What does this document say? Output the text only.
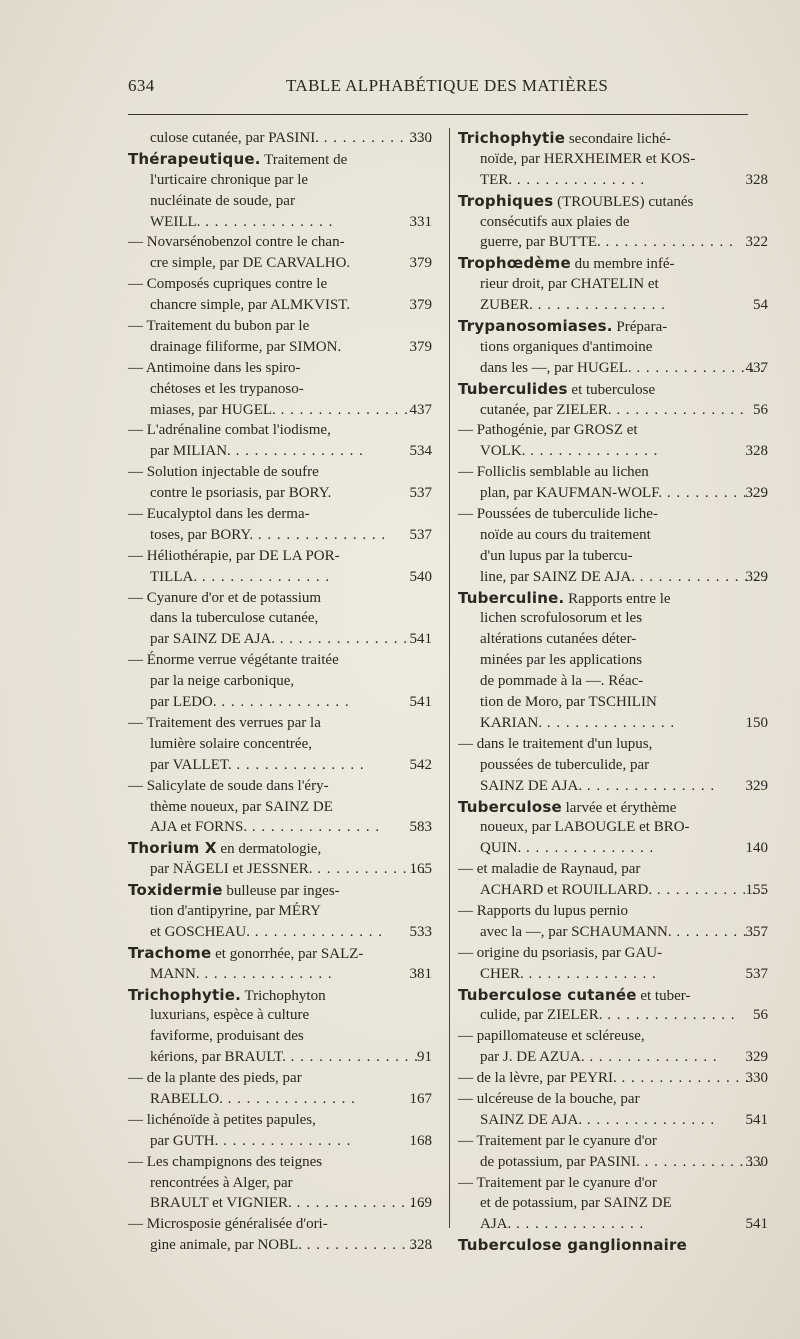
634	TABLE ALPHABÉTIQUE DES MATIÈRES
culose cutanée, par PASINI. . . .	330
Thérapeutique. Traitement de
l'urticaire chronique par le
nucléinate de soude, par
WEILL. . . .	331
— Novarsénobenzol contre le chan-
cre simple, par DE CARVALHO.	379
— Composés cupriques contre le
chancre simple, par ALMKVIST.	379
— Traitement du bubon par le
drainage filiforme, par SIMON.	379
— Antimoine dans les spiro-
chétoses et les trypanoso-
miases, par HUGEL. . . .	437
— L'adrénaline combat l'iodisme,
par MILIAN. . . .	534
— Solution injectable de soufre
contre le psoriasis, par BORY.	537
— Eucalyptol dans les derma-
toses, par BORY. . . .	537
— Héliothérapie, par DE LA POR-
TILLA. . . .	540
— Cyanure d'or et de potassium
dans la tuberculose cutanée,
par SAINZ DE AJA. . . .	541
— Énorme verrue végétante traitée
par la neige carbonique,
par LEDO. . . .	541
— Traitement des verrues par la
lumière solaire concentrée,
par VALLET. . . .	542
— Salicylate de soude dans l'éry-
thème noueux, par SAINZ DE
AJA et FORNS. . . .	583
Thorium X en dermatologie,
par NÄGELI et JESSNER. . . .	165
Toxidermie bulleuse par inges-
tion d'antipyrine, par MÉRY
et GOSCHEAU. . . .	533
Trachome et gonorrhée, par SALZ-
MANN. . . .	381
Trichophytie. Trichophyton
luxurians, espèce à culture
faviforme, produisant des
kérions, par BRAULT. . . .	91
— de la plante des pieds, par
RABELLO. . . .	167
— lichénoïde à petites papules,
par GUTH. . . .	168
— Les champignons des teignes
rencontrées à Alger, par
BRAULT et VIGNIER. . . .	169
— Microsposie généralisée d'ori-
gine animale, par NOBL. . . .	328
Trichophytie secondaire liché-
noïde, par HERXHEIMER et KOS-
TER. . . .	328
Trophiques (TROUBLES) cutanés
consécutifs aux plaies de
guerre, par BUTTE. . . .	322
Trophœdème du membre infé-
rieur droit, par CHATELIN et
ZUBER. . . .	54
Trypanosomiases. Prépara-
tions organiques d'antimoine
dans les —, par HUGEL. . . .	437
Tuberculides et tuberculose
cutanée, par ZIELER. . . .	56
— Pathogénie, par GROSZ et
VOLK. . . .	328
— Folliclis semblable au lichen
plan, par KAUFMAN-WOLF. . . .	329
— Poussées de tuberculide liche-
noïde au cours du traitement
d'un lupus par la tubercu-
line, par SAINZ DE AJA. . . .	329
Tuberculine. Rapports entre le
lichen scrofulosorum et les
altérations cutanées déter-
minées par les applications
de pommade à la —. Réac-
tion de Moro, par TSCHILIN
KARIAN. . . .	150
— dans le traitement d'un lupus,
poussées de tuberculide, par
SAINZ DE AJA. . . .	329
Tuberculose larvée et érythème
noueux, par LABOUGLE et BRO-
QUIN. . . .	140
— et maladie de Raynaud, par
ACHARD et ROUILLARD. . . .	155
— Rapports du lupus pernio
avec la —, par SCHAUMANN. . . .	357
— origine du psoriasis, par GAU-
CHER. . . .	537
Tuberculose cutanée et tuber-
culide, par ZIELER. . . .	56
— papillomateuse et scléreuse,
par J. DE AZUA. . . .	329
— de la lèvre, par PEYRI. . . .	330
— ulcéreuse de la bouche, par
SAINZ DE AJA. . . .	541
— Traitement par le cyanure d'or
de potassium, par PASINI. . . .	330
— Traitement par le cyanure d'or
et de potassium, par SAINZ DE
AJA. . . .	541
Tuberculose ganglionnaire
